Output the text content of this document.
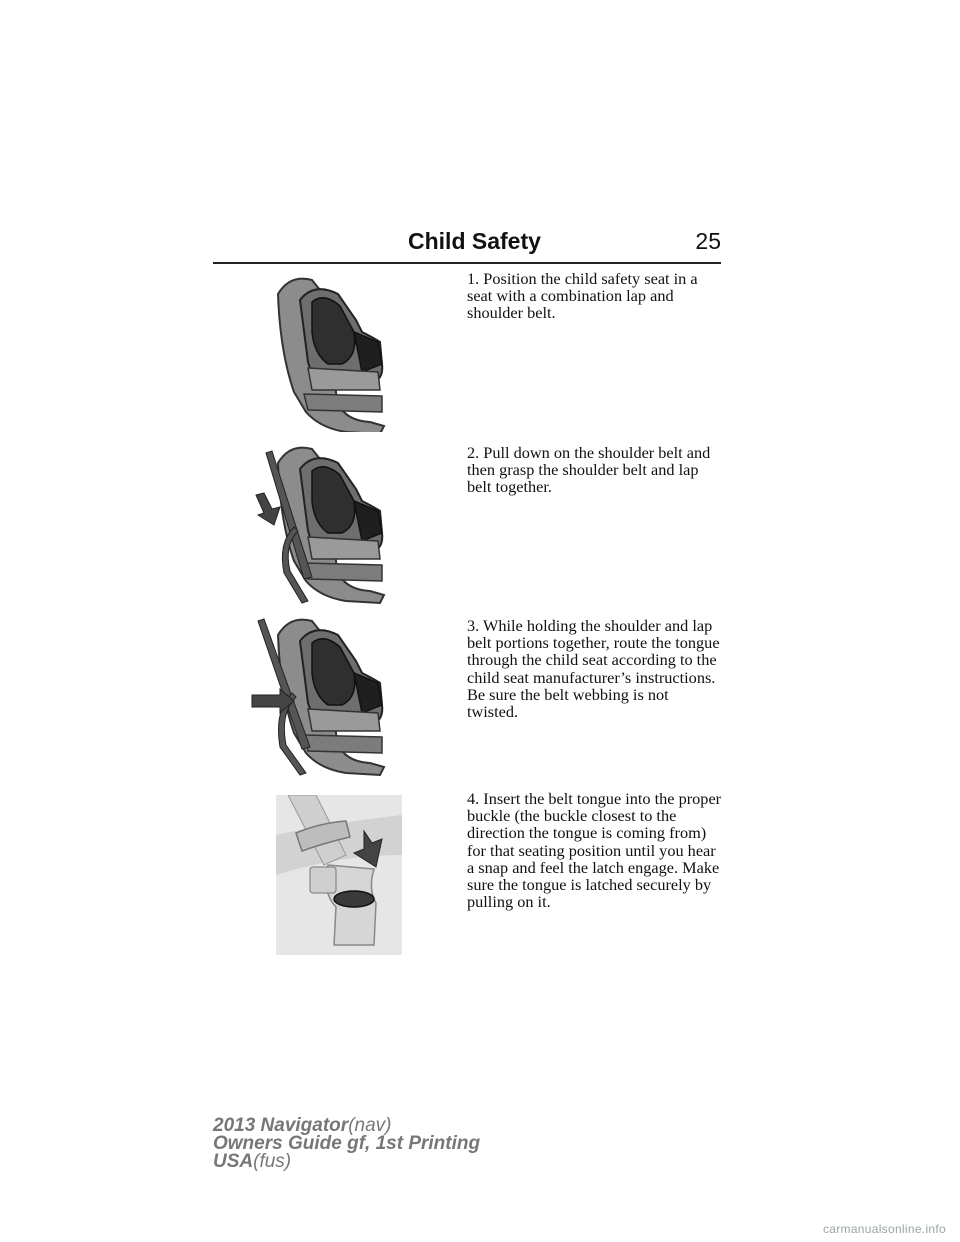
Child Safety	25

1. Position the child safety seat in a seat with a combination lap and shoulder belt.

2. Pull down on the shoulder belt and then grasp the shoulder belt and lap belt together.

3. While holding the shoulder and lap belt portions together, route the tongue through the child seat according to the child seat manufacturer’s instructions. Be sure the belt webbing is not twisted.

4. Insert the belt tongue into the proper buckle (the buckle closest to the direction the tongue is coming from) for that seating position until you hear a snap and feel the latch engage. Make sure the tongue is latched securely by pulling on it.

2013 Navigator(nav)
Owners Guide gf, 1st Printing
USA(fus)
carmanualsonline.info
